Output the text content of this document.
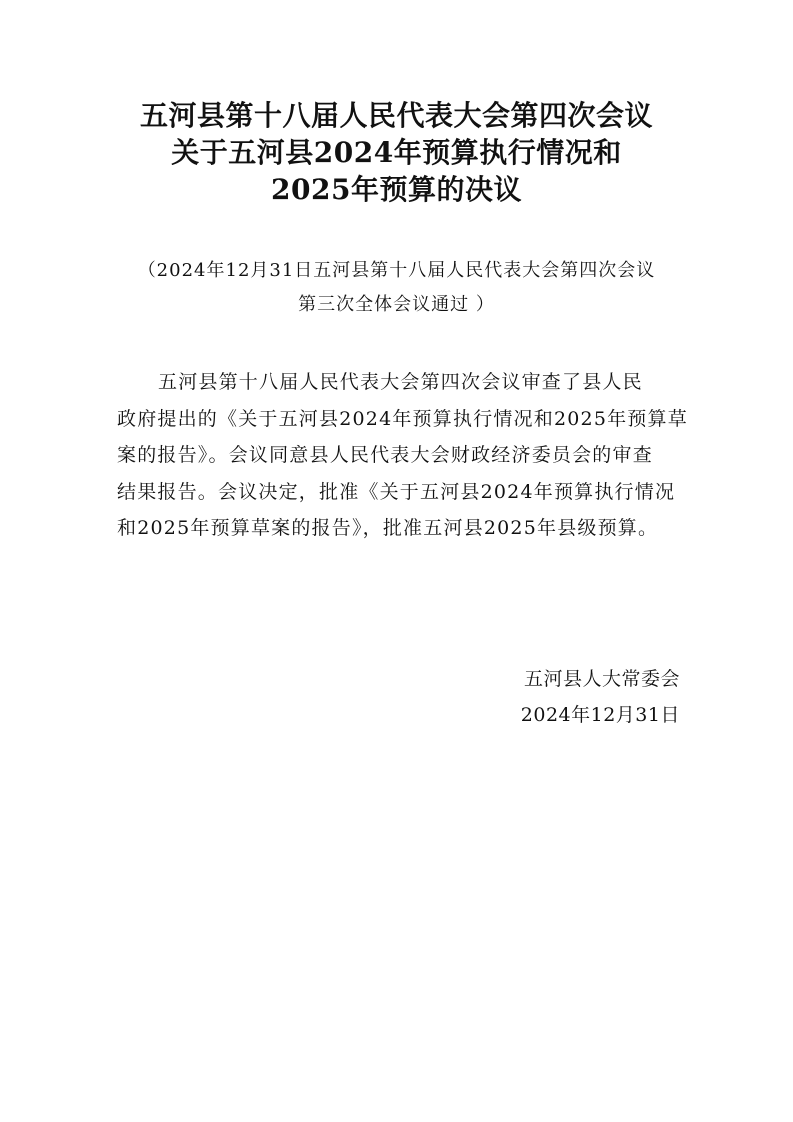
五河县第十八届人民代表大会第四次会议
关于五河县2024年预算执行情况和
2025年预算的决议
（2024年12月31日五河县第十八届人民代表大会第四次会议
第三次全体会议通过 ）
五河县第十八届人民代表大会第四次会议审查了县人民
政府提出的《关于五河县2024年预算执行情况和2025年预算草
案的报告》。会议同意县人民代表大会财政经济委员会的审查
结果报告。会议决定，批准《关于五河县2024年预算执行情况
和2025年预算草案的报告》，批准五河县2025年县级预算。
五河县人大常委会
2024年12月31日
